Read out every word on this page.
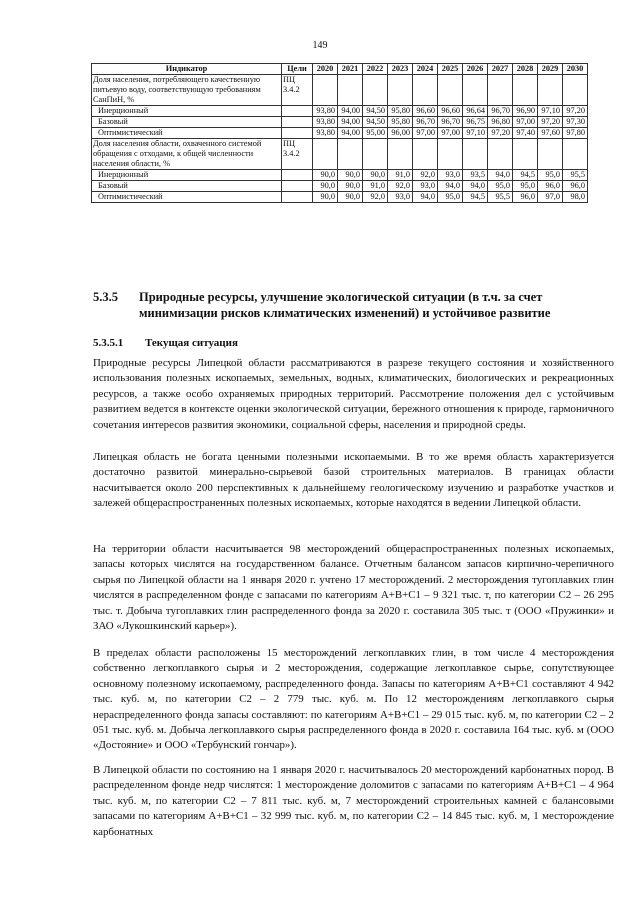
149
Индикатор	Цели	2020	2021	2022	2023	2024	2025	2026	2027	2028	2029	2030
Доля населения, потребляющего качественную питьевую воду, соответствующую требованиям СанПиН, %	ПЦ 3.4.2											
Инерционный		93,80	94,00	94,50	95,80	96,60	96,60	96,64	96,70	96,90	97,10	97,20
Базовый		93,80	94,00	94,50	95,80	96,70	96,70	96,75	96,80	97,00	97,20	97,30
Оптимистический		93,80	94,00	95,00	96,00	97,00	97,00	97,10	97,20	97,40	97,60	97,80
Доля населения области, охваченного системой обращения с отходами, к общей численности населения области, %	ПЦ 3.4.2											
Инерционный		90,0	90,0	90,0	91,0	92,0	93,0	93,5	94,0	94,5	95,0	95,5
Базовый		90,0	90,0	91,0	92,0	93,0	94,0	94,0	95,0	95,0	96,0	96,0
Оптимистический		90,0	90,0	92,0	93,0	94,0	95,0	94,5	95,5	96,0	97,0	98,0
5.3.5 Природные ресурсы, улучшение экологической ситуации (в т.ч. за счет минимизации рисков климатических изменений) и устойчивое развитие
5.3.5.1 Текущая ситуация

Природные ресурсы Липецкой области рассматриваются в разрезе текущего состояния и хозяйственного использования полезных ископаемых, земельных, водных, климатических, биологических и рекреационных ресурсов, а также особо охраняемых природных территорий. Рассмотрение положения дел с устойчивым развитием ведется в контексте оценки экологической ситуации, бережного отношения к природе, гармоничного сочетания интересов развития экономики, социальной сферы, населения и природной среды.

Липецкая область не богата ценными полезными ископаемыми. В то же время область характеризуется достаточно развитой минерально-сырьевой базой строительных материалов. В границах области насчитывается около 200 перспективных к дальнейшему геологическому изучению и разработке участков и залежей общераспространенных полезных ископаемых, которые находятся в ведении Липецкой области.

На территории области насчитывается 98 месторождений общераспространенных полезных ископаемых, запасы которых числятся на государственном балансе. Отчетным балансом запасов кирпично-черепичного сырья по Липецкой области на 1 января 2020 г. учтено 17 месторождений. 2 месторождения тугоплавких глин числятся в распределенном фонде с запасами по категориям А+В+С1 – 9 321 тыс. т, по категории С2 – 26 295 тыс. т. Добыча тугоплавких глин распределенного фонда за 2020 г. составила 305 тыс. т (ООО «Пружинки» и ЗАО «Лукошкинский карьер»).

В пределах области расположены 15 месторождений легкоплавких глин, в том числе 4 месторождения собственно легкоплавкого сырья и 2 месторождения, содержащие легкоплавкое сырье, сопутствующее основному полезному ископаемому, распределенного фонда. Запасы по категориям А+В+С1 составляют 4 942 тыс. куб. м, по категории С2 – 2 779 тыс. куб. м. По 12 месторождениям легкоплавкого сырья нераспределенного фонда запасы составляют: по категориям А+В+С1 – 29 015 тыс. куб. м, по категории С2 – 2 051 тыс. куб. м. Добыча легкоплавкого сырья распределенного фонда в 2020 г. составила 164 тыс. куб. м (ООО «Достояние» и ООО «Тербунский гончар»).

В Липецкой области по состоянию на 1 января 2020 г. насчитывалось 20 месторождений карбонатных пород. В распределенном фонде недр числятся: 1 месторождение доломитов с запасами по категориям А+В+С1 – 4 964 тыс. куб. м, по категории С2 – 7 811 тыс. куб. м, 7 месторождений строительных камней с балансовыми запасами по категориям А+В+С1 – 32 999 тыс. куб. м, по категории С2 – 14 845 тыс. куб. м, 1 месторождение карбонатных
